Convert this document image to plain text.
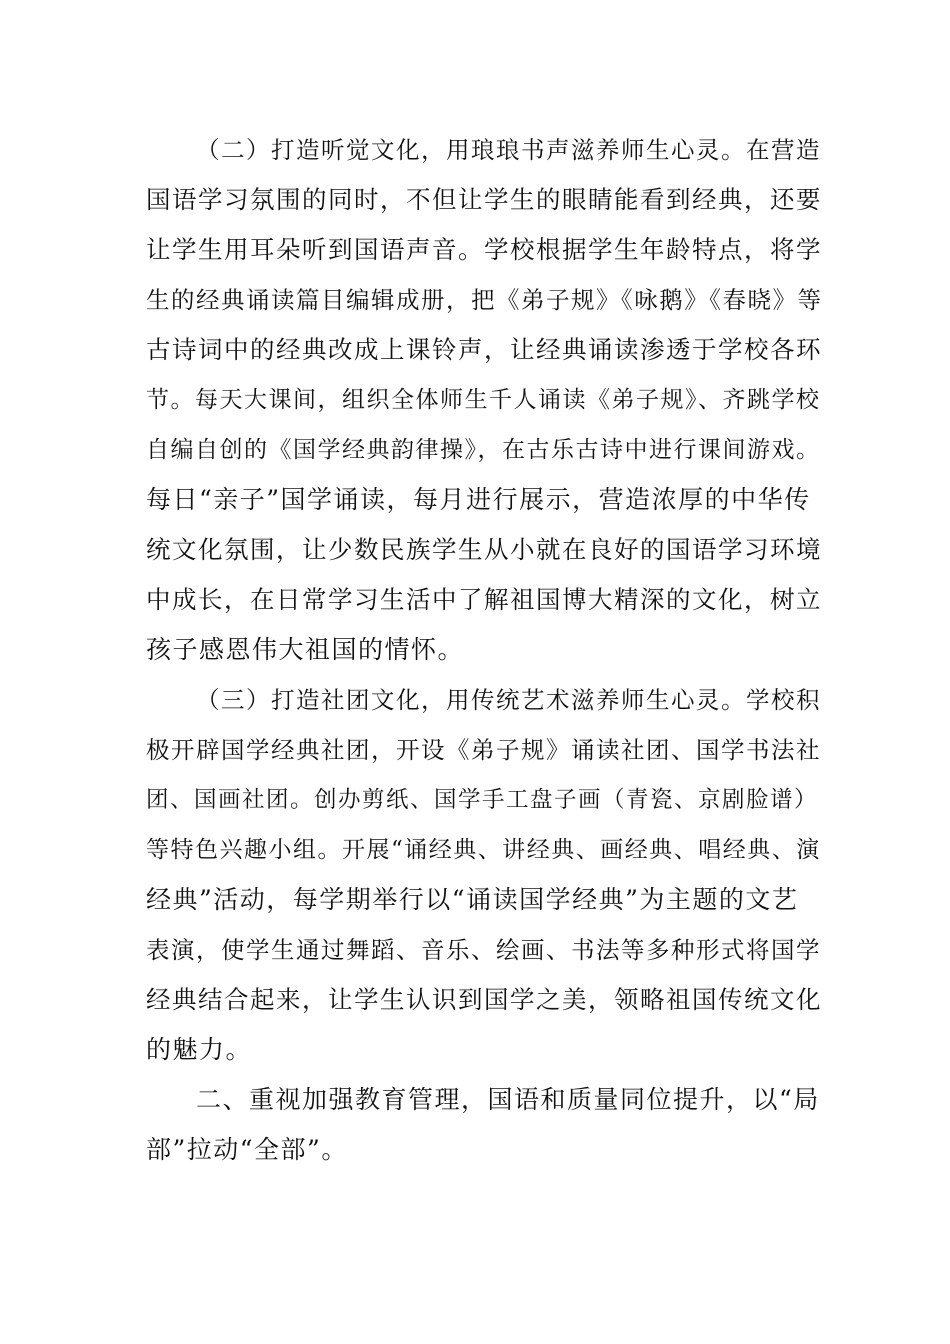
（二）打造听觉文化，用琅琅书声滋养师生心灵。在营造
国语学习氛围的同时，不但让学生的眼睛能看到经典，还要
让学生用耳朵听到国语声音。学校根据学生年龄特点，将学
生的经典诵读篇目编辑成册，把《弟子规》《咏鹅》《春晓》等
古诗词中的经典改成上课铃声，让经典诵读渗透于学校各环
节。每天大课间，组织全体师生千人诵读《弟子规》、齐跳学校
自编自创的《国学经典韵律操》，在古乐古诗中进行课间游戏。
每日“亲子”国学诵读，每月进行展示，营造浓厚的中华传
统文化氛围，让少数民族学生从小就在良好的国语学习环境
中成长，在日常学习生活中了解祖国博大精深的文化，树立
孩子感恩伟大祖国的情怀。
（三）打造社团文化，用传统艺术滋养师生心灵。学校积
极开辟国学经典社团，开设《弟子规》诵读社团、国学书法社
团、国画社团。创办剪纸、国学手工盘子画（青瓷、京剧脸谱）
等特色兴趣小组。开展“诵经典、讲经典、画经典、唱经典、演
经典”活动，每学期举行以“诵读国学经典”为主题的文艺
表演，使学生通过舞蹈、音乐、绘画、书法等多种形式将国学
经典结合起来，让学生认识到国学之美，领略祖国传统文化
的魅力。
二、重视加强教育管理，国语和质量同位提升，以“局
部”拉动“全部”。
